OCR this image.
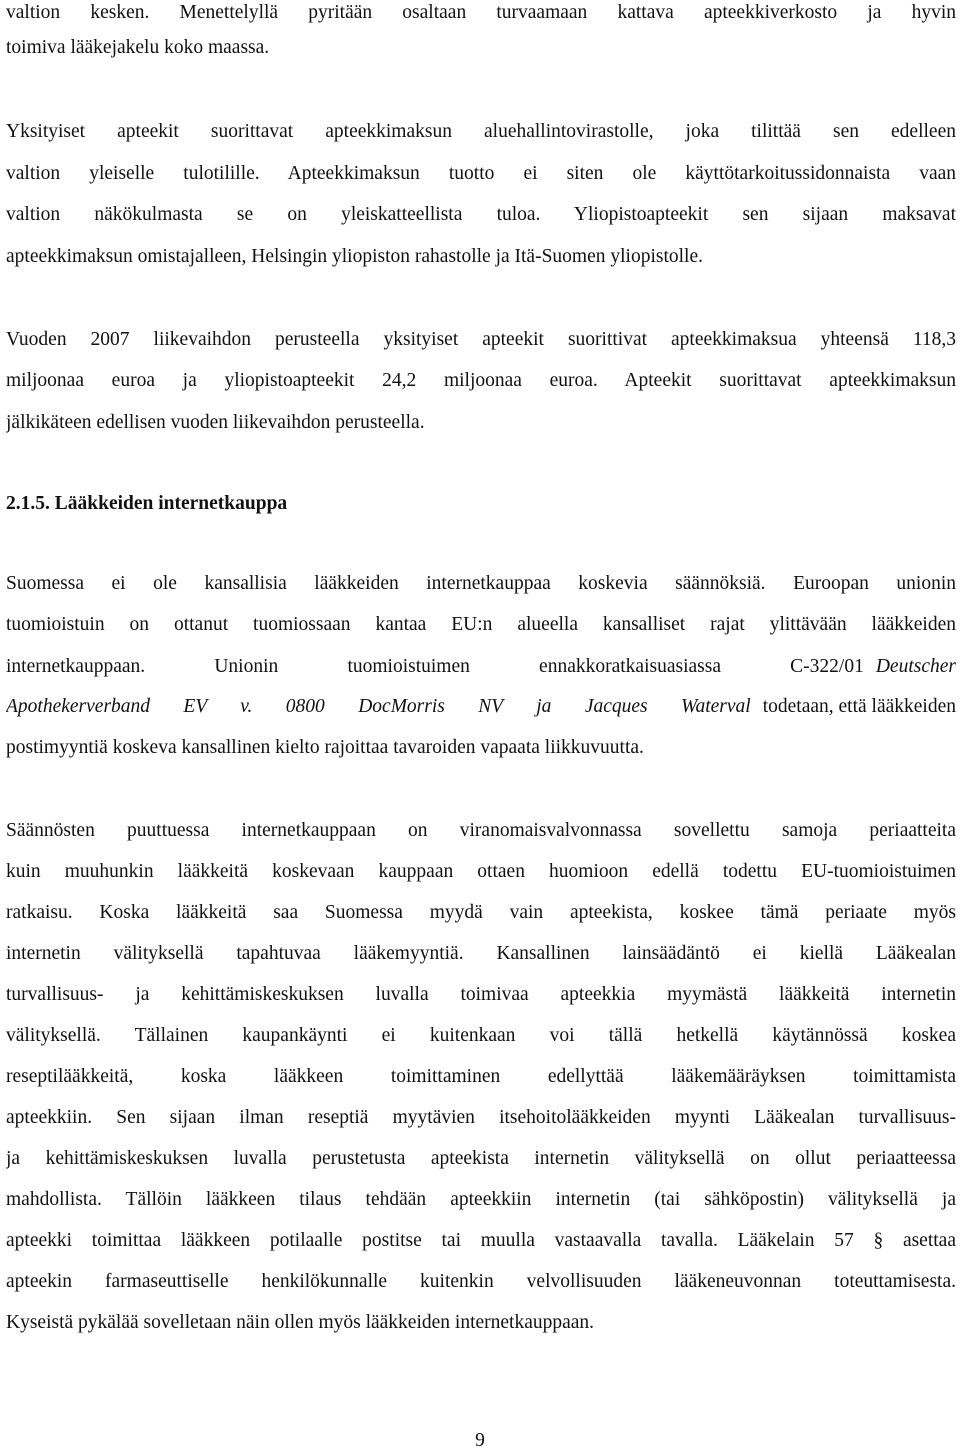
valtion kesken. Menettelyllä pyritään osaltaan turvaamaan kattava apteekkiverkosto ja hyvin
toimiva lääkejakelu koko maassa.
Yksityiset apteekit suorittavat apteekkimaksun aluehallintovirastolle, joka tilittää sen edelleen
valtion yleiselle tulotilille. Apteekkimaksun tuotto ei siten ole käyttötarkoitussidonnaista vaan
valtion näkökulmasta se on yleiskatteellista tuloa. Yliopistoapteekit sen sijaan maksavat
apteekkimaksun omistajalleen, Helsingin yliopiston rahastolle ja Itä-Suomen yliopistolle.
Vuoden 2007 liikevaihdon perusteella yksityiset apteekit suorittivat apteekkimaksua yhteensä 118,3
miljoonaa euroa ja yliopistoapteekit 24,2 miljoonaa euroa. Apteekit suorittavat apteekkimaksun
jälkikäteen edellisen vuoden liikevaihdon perusteella.
2.1.5. Lääkkeiden internetkauppa
Suomessa ei ole kansallisia lääkkeiden internetkauppaa koskevia säännöksiä. Euroopan unionin
tuomioistuin on ottanut tuomiossaan kantaa EU:n alueella kansalliset rajat ylittävään lääkkeiden
internetkauppaan. Unionin tuomioistuimen ennakkoratkaisuasiassa C-322/01 Deutscher
Apothekerverband EV v. 0800 DocMorris NV ja Jacques Waterval todetaan, että lääkkeiden
postimyyntiä koskeva kansallinen kielto rajoittaa tavaroiden vapaata liikkuvuutta.
Säännösten puuttuessa internetkauppaan on viranomaisvalvonnassa sovellettu samoja periaatteita
kuin muuhunkin lääkkeitä koskevaan kauppaan ottaen huomioon edellä todettu EU-tuomioistuimen
ratkaisu. Koska lääkkeitä saa Suomessa myydä vain apteekista, koskee tämä periaate myös
internetin välityksellä tapahtuvaa lääkemyyntiä. Kansallinen lainsäädäntö ei kiellä Lääkealan
turvallisuus- ja kehittämiskeskuksen luvalla toimivaa apteekkia myymästä lääkkeitä internetin
välityksellä. Tällainen kaupankäynti ei kuitenkaan voi tällä hetkellä käytännössä koskea
reseptilääkkeitä, koska lääkkeen toimittaminen edellyttää lääkemääräyksen toimittamista
apteekkiin. Sen sijaan ilman reseptiä myytävien itsehoitolääkkeiden myynti Lääkealan turvallisuus-
ja kehittämiskeskuksen luvalla perustetusta apteekista internetin välityksellä on ollut periaatteessa
mahdollista. Tällöin lääkkeen tilaus tehdään apteekkiin internetin (tai sähköpostin) välityksellä ja
apteekki toimittaa lääkkeen potilaalle postitse tai muulla vastaavalla tavalla. Lääkelain 57 § asettaa
apteekin farmaseuttiselle henkilökunnalle kuitenkin velvollisuuden lääkeneuvonnan toteuttamisesta.
Kyseistä pykälää sovelletaan näin ollen myös lääkkeiden internetkauppaan.
9
